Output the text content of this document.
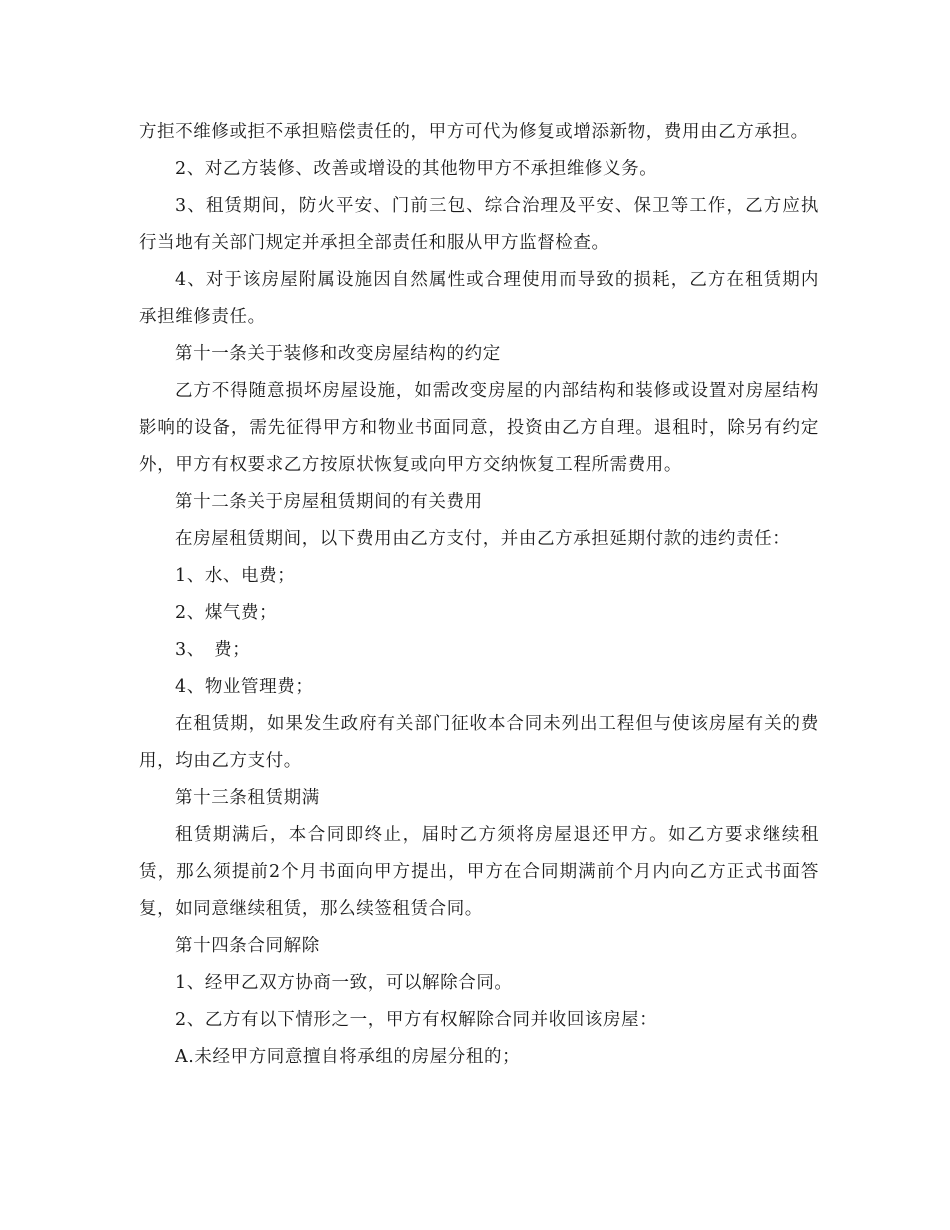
方拒不维修或拒不承担赔偿责任的，甲方可代为修复或增添新物，费用由乙方承担。

2、对乙方装修、改善或增设的其他物甲方不承担维修义务。

3、租赁期间，防火平安、门前三包、综合治理及平安、保卫等工作，乙方应执行当地有关部门规定并承担全部责任和服从甲方监督检查。

4、对于该房屋附属设施因自然属性或合理使用而导致的损耗，乙方在租赁期内承担维修责任。

第十一条关于装修和改变房屋结构的约定

乙方不得随意损坏房屋设施，如需改变房屋的内部结构和装修或设置对房屋结构影响的设备，需先征得甲方和物业书面同意，投资由乙方自理。退租时，除另有约定外，甲方有权要求乙方按原状恢复或向甲方交纳恢复工程所需费用。

第十二条关于房屋租赁期间的有关费用

在房屋租赁期间，以下费用由乙方支付，并由乙方承担延期付款的违约责任：

1、水、电费；

2、煤气费；

3、　费；

4、物业管理费；

在租赁期，如果发生政府有关部门征收本合同未列出工程但与使该房屋有关的费用，均由乙方支付。

第十三条租赁期满

租赁期满后，本合同即终止，届时乙方须将房屋退还甲方。如乙方要求继续租赁，那么须提前2个月书面向甲方提出，甲方在合同期满前个月内向乙方正式书面答复，如同意继续租赁，那么续签租赁合同。

第十四条合同解除

1、经甲乙双方协商一致，可以解除合同。

2、乙方有以下情形之一，甲方有权解除合同并收回该房屋：

A.未经甲方同意擅自将承组的房屋分租的；
